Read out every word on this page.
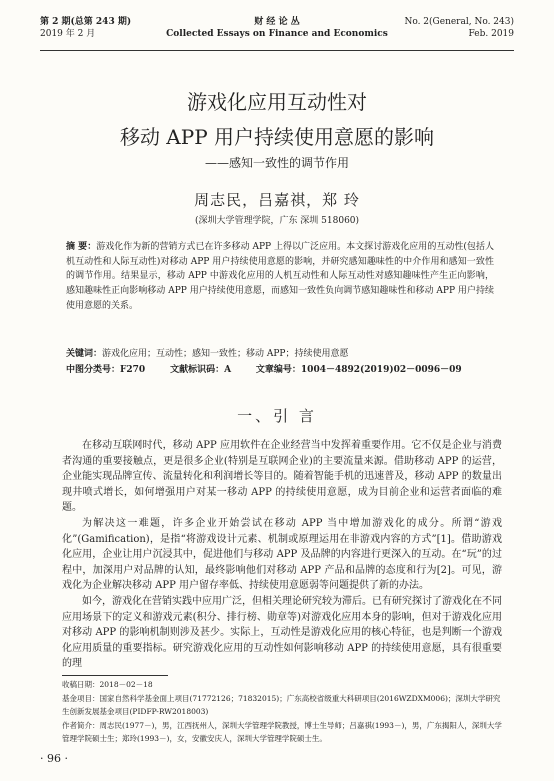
第 2 期(总第 243 期)
2019 年 2 月
财 经 论 丛
Collected Essays on Finance and Economics
No. 2(General, No. 243)
Feb. 2019
游戏化应用互动性对
移动 APP 用户持续使用意愿的影响
——感知一致性的调节作用
周志民，吕嘉祺，郑 玲
(深圳大学管理学院，广东 深圳 518060)
摘 要：游戏化作为新的营销方式已在许多移动 APP 上得以广泛应用。本文探讨游戏化应用的互动性(包括人机互动性和人际互动性)对移动 APP 用户持续使用意愿的影响，并研究感知趣味性的中介作用和感知一致性的调节作用。结果显示，移动 APP 中游戏化应用的人机互动性和人际互动性对感知趣味性产生正向影响，感知趣味性正向影响移动 APP 用户持续使用意愿，而感知一致性负向调节感知趣味性和移动 APP 用户持续使用意愿的关系。
关键词：游戏化应用；互动性；感知一致性；移动 APP；持续使用意愿
中图分类号：F270	文献标识码：A	文章编号：1004－4892(2019)02－0096－09
一、引 言

在移动互联网时代，移动 APP 应用软件在企业经营当中发挥着重要作用。它不仅是企业与消费者沟通的重要接触点，更是很多企业(特别是互联网企业)的主要流量来源。借助移动 APP 的运营，企业能实现品牌宣传、流量转化和利润增长等目的。随着智能手机的迅速普及，移动 APP 的数量出现井喷式增长，如何增强用户对某一移动 APP 的持续使用意愿，成为目前企业和运营者面临的难题。

为解决这一难题，许多企业开始尝试在移动 APP 当中增加游戏化的成分。所谓“游戏化”(Gamification)，是指“将游戏设计元素、机制或原理运用在非游戏内容的方式”[1]。借助游戏化应用，企业让用户沉浸其中，促进他们与移动 APP 及品牌的内容进行更深入的互动。在“玩”的过程中，加深用户对品牌的认知，最终影响他们对移动 APP 产品和品牌的态度和行为[2]。可见，游戏化为企业解决移动 APP 用户留存率低、持续使用意愿弱等问题提供了新的办法。

如今，游戏化在营销实践中应用广泛，但相关理论研究较为滞后。已有研究探讨了游戏化在不同应用场景下的定义和游戏元素(积分、排行榜、勋章等)对游戏化应用本身的影响，但对于游戏化应用对移动 APP 的影响机制则涉及甚少。实际上，互动性是游戏化应用的核心特征，也是判断一个游戏化应用质量的重要指标。研究游戏化应用的互动性如何影响移动 APP 的持续使用意愿，具有很重要的理

收稿日期：2018－02－18
基金项目：国家自然科学基金面上项目(71772126；71832015)；广东高校省级重大科研项目(2016WZDXM006)；深圳大学研究生创新发展基金项目(PIDFP-RW2018003)
作者简介：周志民(1977－)，男，江西抚州人，深圳大学管理学院教授，博士生导师；吕嘉祺(1993－)，男，广东揭阳人，深圳大学管理学院硕士生；郑玲(1993－)，女，安徽安庆人，深圳大学管理学院硕士生。
· 96 ·
